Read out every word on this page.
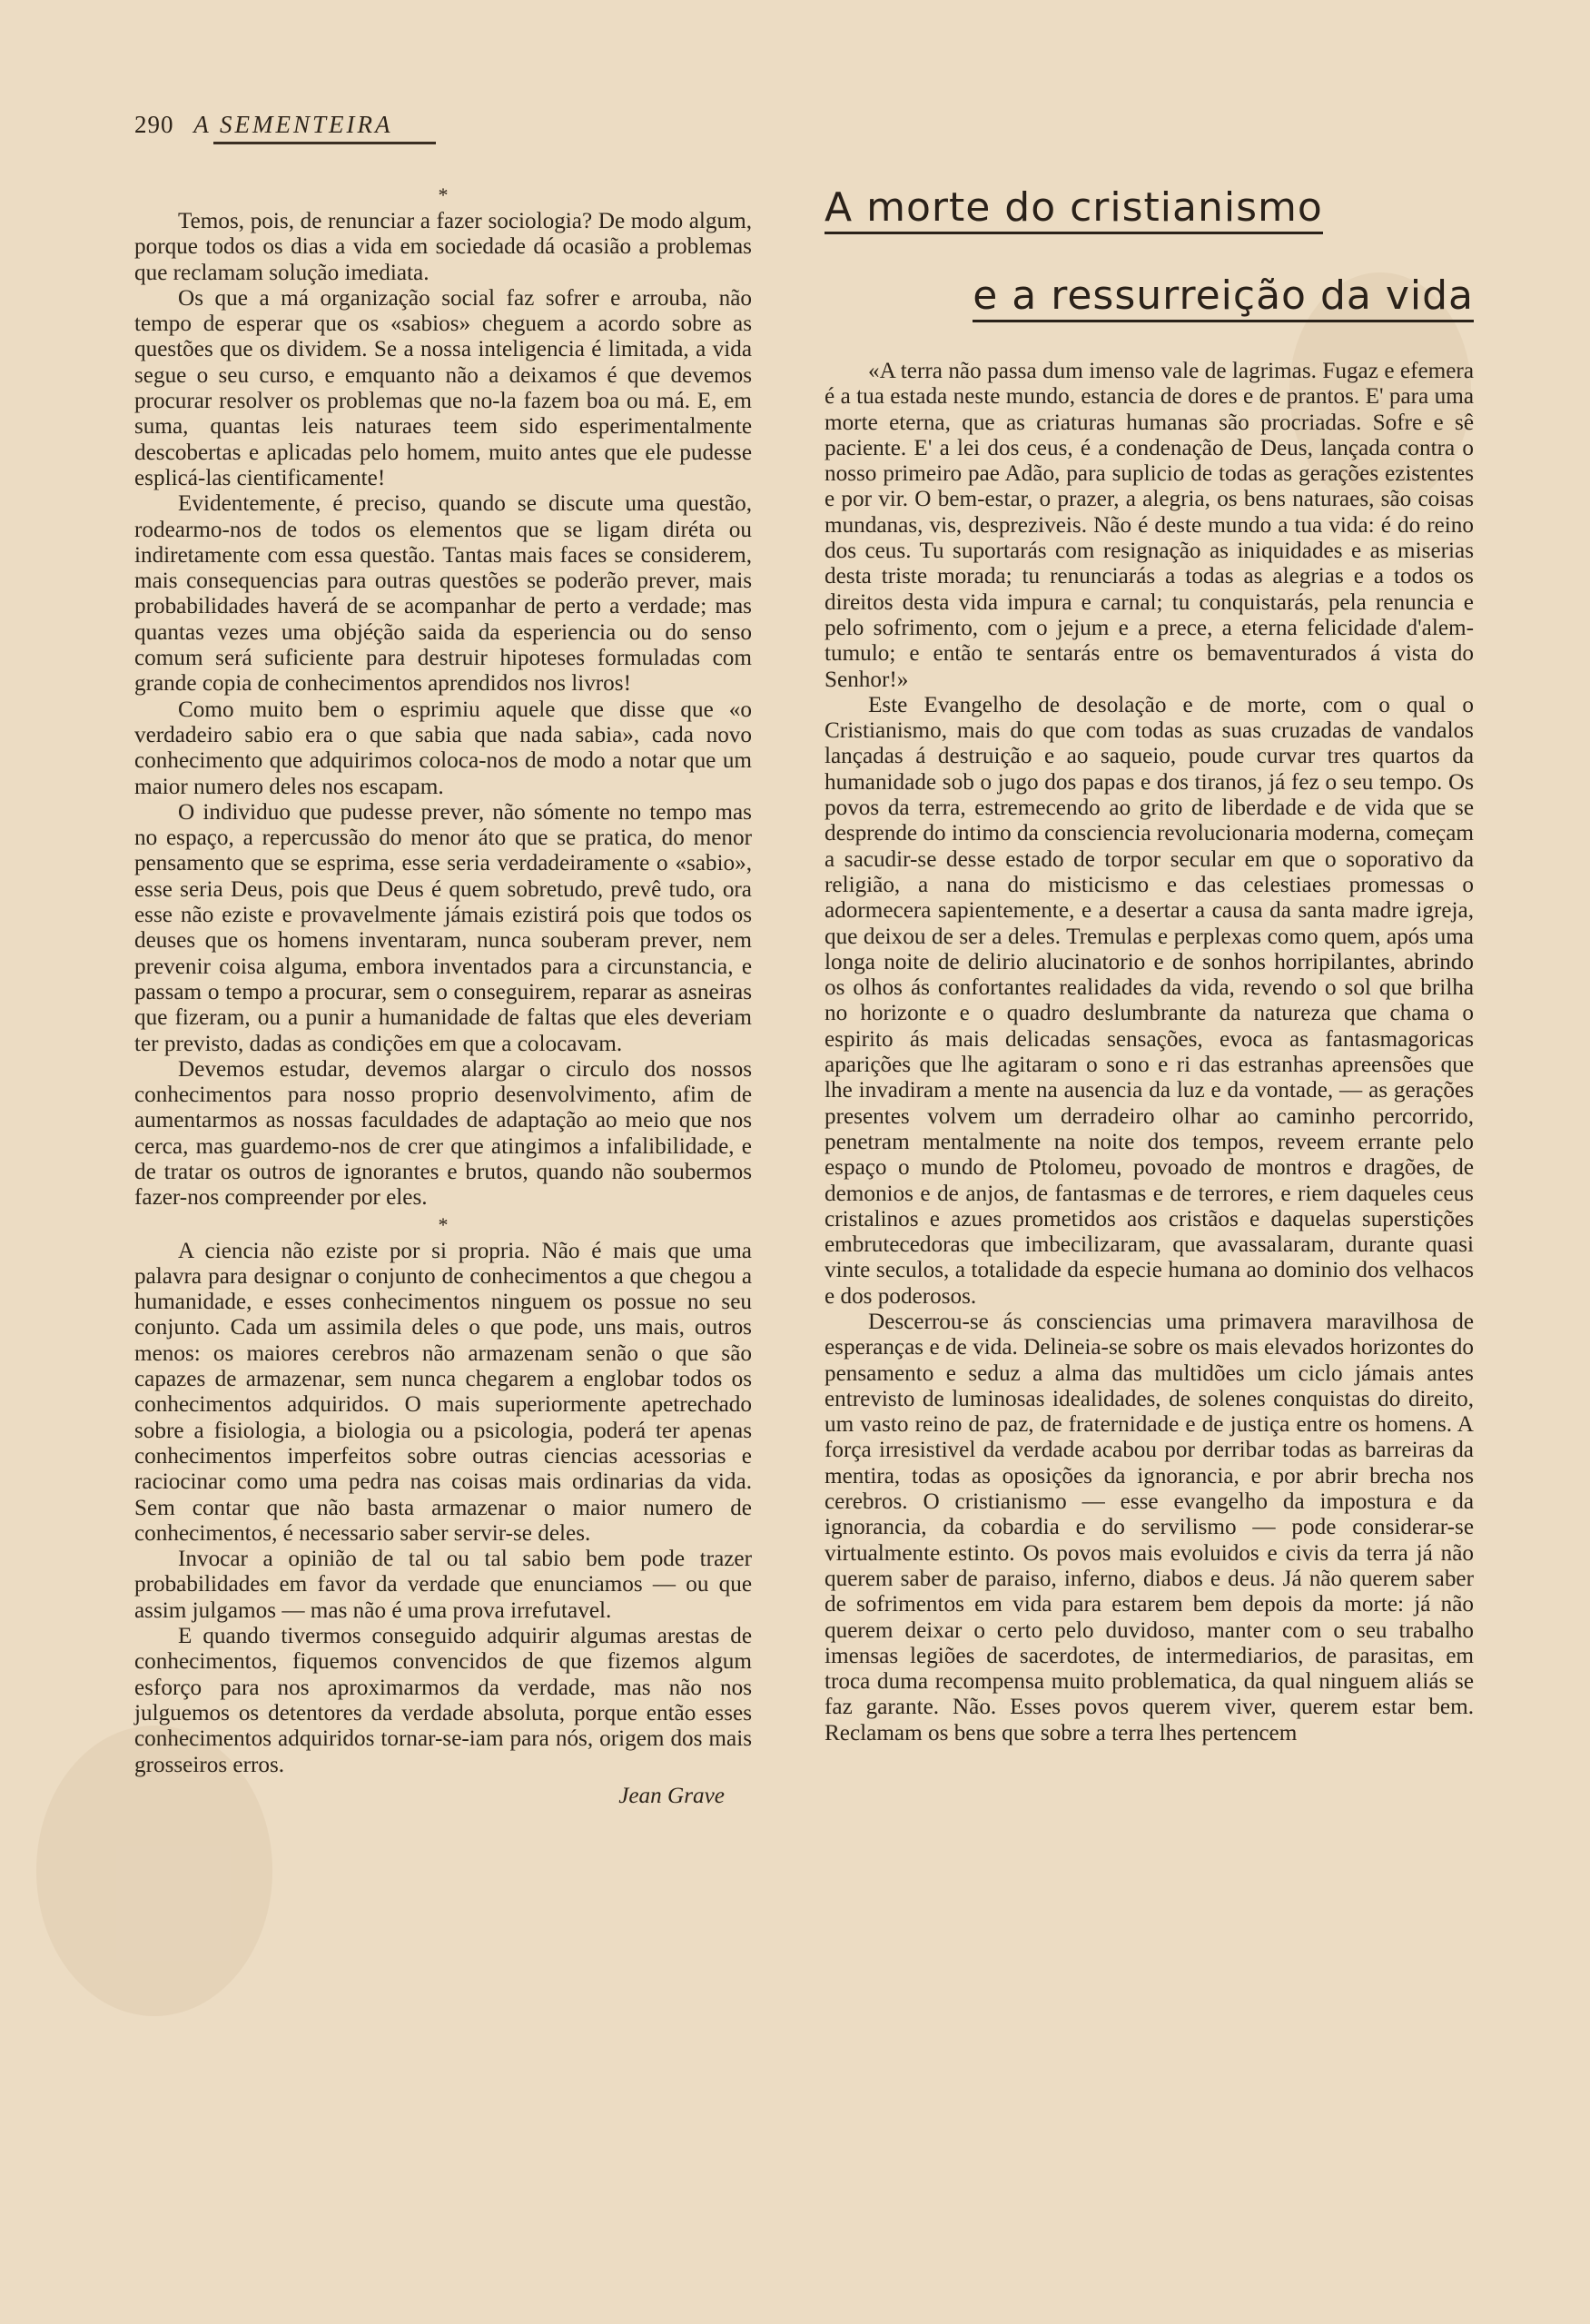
290 A SEMENTEIRA
*

Temos, pois, de renunciar a fazer sociologia? De modo algum, porque todos os dias a vida em sociedade dá ocasião a problemas que reclamam solução imediata.

Os que a má organização social faz sofrer e arrouba, não tempo de esperar que os «sabios» cheguem a acordo sobre as questões que os dividem. Se a nossa inteligencia é limitada, a vida segue o seu curso, e emquanto não a deixamos é que devemos procurar resolver os problemas que no-la fazem boa ou má. E, em suma, quantas leis naturaes teem sido esperimentalmente descobertas e aplicadas pelo homem, muito antes que ele pudesse esplicá-las cientificamente!

Evidentemente, é preciso, quando se discute uma questão, rodearmo-nos de todos os elementos que se ligam diréta ou indiretamente com essa questão. Tantas mais faces se considerem, mais consequencias para outras questões se poderão prever, mais probabilidades haverá de se acompanhar de perto a verdade; mas quantas vezes uma objéção saida da esperiencia ou do senso comum será suficiente para destruir hipoteses formuladas com grande copia de conhecimentos aprendidos nos livros!

Como muito bem o esprimiu aquele que disse que «o verdadeiro sabio era o que sabia que nada sabia», cada novo conhecimento que adquirimos coloca-nos de modo a notar que um maior numero deles nos escapam.

O individuo que pudesse prever, não sómente no tempo mas no espaço, a repercussão do menor áto que se pratica, do menor pensamento que se esprima, esse seria verdadeiramente o «sabio», esse seria Deus, pois que Deus é quem sobretudo, prevê tudo, ora esse não eziste e provavelmente jámais ezistirá pois que todos os deuses que os homens inventaram, nunca souberam prever, nem prevenir coisa alguma, embora inventados para a circunstancia, e passam o tempo a procurar, sem o conseguirem, reparar as asneiras que fizeram, ou a punir a humanidade de faltas que eles deveriam ter previsto, dadas as condições em que a colocavam.

Devemos estudar, devemos alargar o circulo dos nossos conhecimentos para nosso proprio desenvolvimento, afim de aumentarmos as nossas faculdades de adaptação ao meio que nos cerca, mas guardemo-nos de crer que atingimos a infalibilidade, e de tratar os outros de ignorantes e brutos, quando não soubermos fazer-nos compreender por eles.

*

A ciencia não eziste por si propria. Não é mais que uma palavra para designar o conjunto de conhecimentos a que chegou a humanidade, e esses conhecimentos ninguem os possue no seu conjunto. Cada um assimila deles o que pode, uns mais, outros menos: os maiores cerebros não armazenam senão o que são capazes de armazenar, sem nunca chegarem a englobar todos os conhecimentos adquiridos. O mais superiormente apetrechado sobre a fisiologia, a biologia ou a psicologia, poderá ter apenas conhecimentos imperfeitos sobre outras ciencias acessorias e raciocinar como uma pedra nas coisas mais ordinarias da vida. Sem contar que não basta armazenar o maior numero de conhecimentos, é necessario saber servir-se deles.

Invocar a opinião de tal ou tal sabio bem pode trazer probabilidades em favor da verdade que enunciamos — ou que assim julgamos — mas não é uma prova irrefutavel.

E quando tivermos conseguido adquirir algumas arestas de conhecimentos, fiquemos convencidos de que fizemos algum esforço para nos aproximarmos da verdade, mas não nos julguemos os detentores da verdade absoluta, porque então esses conhecimentos adquiridos tornar-se-iam para nós, origem dos mais grosseiros erros.

Jean Grave
A morte do cristianismo
e a ressurreição da vida

«A terra não passa dum imenso vale de lagrimas. Fugaz e efemera é a tua estada neste mundo, estancia de dores e de prantos. E' para uma morte eterna, que as criaturas humanas são procriadas. Sofre e sê paciente. E' a lei dos ceus, é a condenação de Deus, lançada contra o nosso primeiro pae Adão, para suplicio de todas as gerações ezistentes e por vir. O bem-estar, o prazer, a alegria, os bens naturaes, são coisas mundanas, vis, despreziveis. Não é deste mundo a tua vida: é do reino dos ceus. Tu suportarás com resignação as iniquidades e as miserias desta triste morada; tu renunciarás a todas as alegrias e a todos os direitos desta vida impura e carnal; tu conquistarás, pela renuncia e pelo sofrimento, com o jejum e a prece, a eterna felicidade d'alem-tumulo; e então te sentarás entre os bemaventurados á vista do Senhor!»

Este Evangelho de desolação e de morte, com o qual o Cristianismo, mais do que com todas as suas cruzadas de vandalos lançadas á destruição e ao saqueio, poude curvar tres quartos da humanidade sob o jugo dos papas e dos tiranos, já fez o seu tempo. Os povos da terra, estremecendo ao grito de liberdade e de vida que se desprende do intimo da consciencia revolucionaria moderna, começam a sacudir-se desse estado de torpor secular em que o soporativo da religião, a nana do misticismo e das celestiaes promessas o adormecera sapientemente, e a desertar a causa da santa madre igreja, que deixou de ser a deles. Tremulas e perplexas como quem, após uma longa noite de delirio alucinatorio e de sonhos horripilantes, abrindo os olhos ás confortantes realidades da vida, revendo o sol que brilha no horizonte e o quadro deslumbrante da natureza que chama o espirito ás mais delicadas sensações, evoca as fantasmagoricas aparições que lhe agitaram o sono e ri das estranhas apreensões que lhe invadiram a mente na ausencia da luz e da vontade, — as gerações presentes volvem um derradeiro olhar ao caminho percorrido, penetram mentalmente na noite dos tempos, reveem errante pelo espaço o mundo de Ptolomeu, povoado de montros e dragões, de demonios e de anjos, de fantasmas e de terrores, e riem daqueles ceus cristalinos e azues prometidos aos cristãos e daquelas superstições embrutecedoras que imbecilizaram, que avassalaram, durante quasi vinte seculos, a totalidade da especie humana ao dominio dos velhacos e dos poderosos.

Descerrou-se ás consciencias uma primavera maravilhosa de esperanças e de vida. Delineia-se sobre os mais elevados horizontes do pensamento e seduz a alma das multidões um ciclo jámais antes entrevisto de luminosas idealidades, de solenes conquistas do direito, um vasto reino de paz, de fraternidade e de justiça entre os homens. A força irresistivel da verdade acabou por derribar todas as barreiras da mentira, todas as oposições da ignorancia, e por abrir brecha nos cerebros. O cristianismo — esse evangelho da impostura e da ignorancia, da cobardia e do servilismo — pode considerar-se virtualmente estinto. Os povos mais evoluidos e civis da terra já não querem saber de paraiso, inferno, diabos e deus. Já não querem saber de sofrimentos em vida para estarem bem depois da morte: já não querem deixar o certo pelo duvidoso, manter com o seu trabalho imensas legiões de sacerdotes, de intermediarios, de parasitas, em troca duma recompensa muito problematica, da qual ninguem aliás se faz garante. Não. Esses povos querem viver, querem estar bem. Reclamam os bens que sobre a terra lhes pertencem
